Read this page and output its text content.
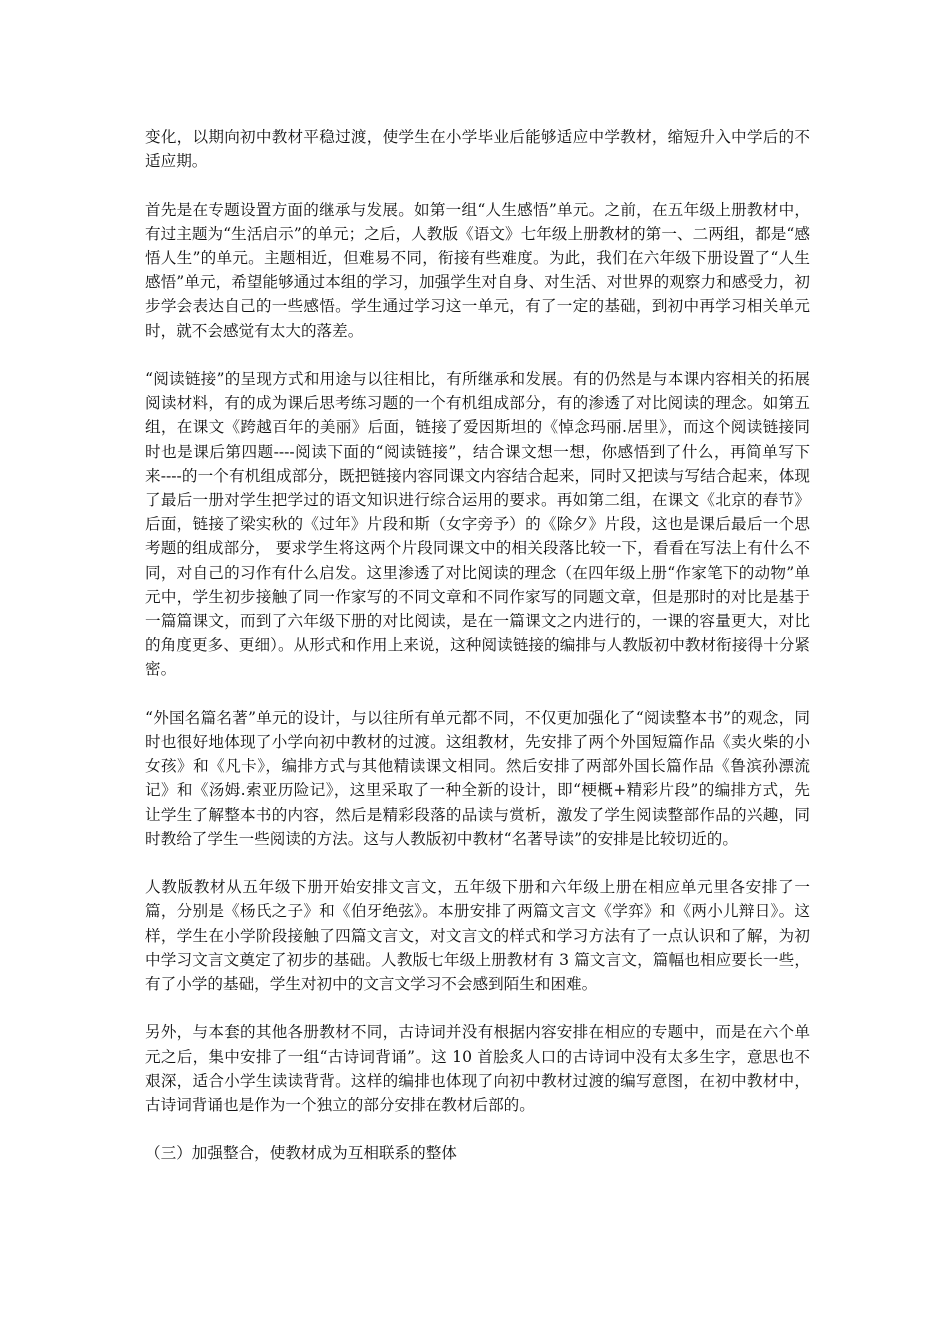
变化，以期向初中教材平稳过渡，使学生在小学毕业后能够适应中学教材，缩短升入中学后的不适应期。

首先是在专题设置方面的继承与发展。如第一组“人生感悟”单元。之前，在五年级上册教材中，有过主题为“生活启示”的单元；之后，人教版《语文》七年级上册教材的第一、二两组，都是“感悟人生”的单元。主题相近，但难易不同，衔接有些难度。为此，我们在六年级下册设置了“人生感悟”单元，希望能够通过本组的学习，加强学生对自身、对生活、对世界的观察力和感受力，初步学会表达自己的一些感悟。学生通过学习这一单元，有了一定的基础，到初中再学习相关单元时，就不会感觉有太大的落差。

“阅读链接”的呈现方式和用途与以往相比，有所继承和发展。有的仍然是与本课内容相关的拓展阅读材料，有的成为课后思考练习题的一个有机组成部分，有的渗透了对比阅读的理念。如第五组，在课文《跨越百年的美丽》后面，链接了爱因斯坦的《悼念玛丽.居里》，而这个阅读链接同时也是课后第四题----阅读下面的“阅读链接”，结合课文想一想，你感悟到了什么，再简单写下来----的一个有机组成部分，既把链接内容同课文内容结合起来，同时又把读与写结合起来，体现了最后一册对学生把学过的语文知识进行综合运用的要求。再如第二组，在课文《北京的春节》后面，链接了梁实秋的《过年》片段和斯（女字旁予）的《除夕》片段，这也是课后最后一个思考题的组成部分， 要求学生将这两个片段同课文中的相关段落比较一下，看看在写法上有什么不同，对自己的习作有什么启发。这里渗透了对比阅读的理念（在四年级上册“作家笔下的动物”单元中，学生初步接触了同一作家写的不同文章和不同作家写的同题文章，但是那时的对比是基于一篇篇课文，而到了六年级下册的对比阅读，是在一篇课文之内进行的，一课的容量更大，对比的角度更多、更细）。从形式和作用上来说，这种阅读链接的编排与人教版初中教材衔接得十分紧密。

“外国名篇名著”单元的设计，与以往所有单元都不同，不仅更加强化了“阅读整本书”的观念，同时也很好地体现了小学向初中教材的过渡。这组教材，先安排了两个外国短篇作品《卖火柴的小女孩》和《凡卡》，编排方式与其他精读课文相同。然后安排了两部外国长篇作品《鲁滨孙漂流记》和《汤姆.索亚历险记》，这里采取了一种全新的设计，即“梗概+精彩片段”的编排方式，先让学生了解整本书的内容，然后是精彩段落的品读与赏析，激发了学生阅读整部作品的兴趣，同时教给了学生一些阅读的方法。这与人教版初中教材“名著导读”的安排是比较切近的。

人教版教材从五年级下册开始安排文言文，五年级下册和六年级上册在相应单元里各安排了一篇，分别是《杨氏之子》和《伯牙绝弦》。本册安排了两篇文言文《学弈》和《两小儿辩日》。这样，学生在小学阶段接触了四篇文言文，对文言文的样式和学习方法有了一点认识和了解，为初中学习文言文奠定了初步的基础。人教版七年级上册教材有 3 篇文言文，篇幅也相应要长一些，有了小学的基础，学生对初中的文言文学习不会感到陌生和困难。

另外，与本套的其他各册教材不同，古诗词并没有根据内容安排在相应的专题中，而是在六个单元之后，集中安排了一组“古诗词背诵”。这 10 首脍炙人口的古诗词中没有太多生字，意思也不艰深，适合小学生读读背背。这样的编排也体现了向初中教材过渡的编写意图，在初中教材中，古诗词背诵也是作为一个独立的部分安排在教材后部的。

（三）加强整合，使教材成为互相联系的整体
